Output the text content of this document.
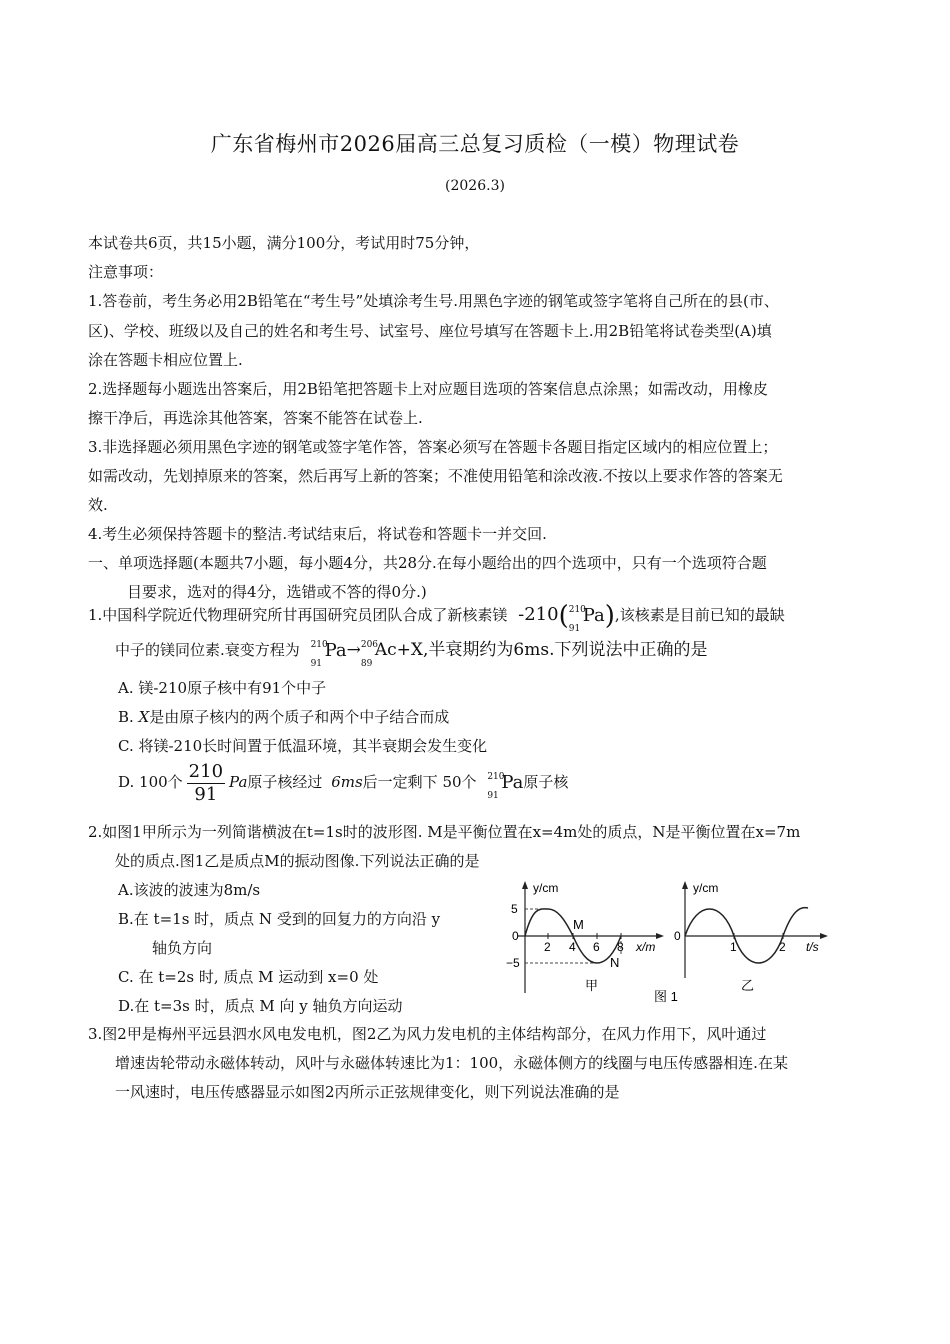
广东省梅州市2026届高三总复习质检（一模）物理试卷
(2026.3)
本试卷共6页，共15小题，满分100分，考试用时75分钟，
注意事项：
1.答卷前，考生务必用2B铅笔在“考生号”处填涂考生号.用黑色字迹的钢笔或签字笔将自己所在的县(市、
区)、学校、班级以及自己的姓名和考生号、试室号、座位号填写在答题卡上.用2B铅笔将试卷类型(A)填
涂在答题卡相应位置上.
2.选择题每小题选出答案后，用2B铅笔把答题卡上对应题目选项的答案信息点涂黑；如需改动，用橡皮
擦干净后，再选涂其他答案，答案不能答在试卷上.
3.非选择题必须用黑色字迹的钢笔或签字笔作答，答案必须写在答题卡各题目指定区域内的相应位置上；
如需改动，先划掉原来的答案，然后再写上新的答案；不准使用铅笔和涂改液.不按以上要求作答的答案无
效.
4.考生必须保持答题卡的整洁.考试结束后，将试卷和答题卡一并交回.
一、单项选择题(本题共7小题，每小题4分，共28分.在每小题给出的四个选项中，只有一个选项符合题
目要求，选对的得4分，选错或不答的得0分.)
1.中国科学院近代物理研究所甘再国研究员团队合成了新核素镁 -210( 210
91
Pa),该核素是目前已知的最缺
中子的镁同位素.衰变方程为 210
91
Pa→ 206
89
Ac+X,半衰期约为6ms.下列说法中正确的是
A. 镁-210原子核中有91个中子
B. X是由原子核内的两个质子和两个中子结合而成
C. 将镁-210长时间置于低温环境，其半衰期会发生变化
D. 100个 $\frac{210}{91}$ Pa原子核经过 6ms后一定剩下 50个 210
91
Pa原子核
2.如图1甲所示为一列简谐横波在t=1s时的波形图. M是平衡位置在x=4m处的质点，N是平衡位置在x=7m
处的质点.图1乙是质点M的振动图像.下列说法正确的是
A.该波的波速为8m/s
B.在 t=1s 时，质点 N 受到的回复力的方向沿 y
轴负方向
C. 在 t=2s 时, 质点 M 运动到 x=0 处
D.在 t=3s 时，质点 M 向 y 轴负方向运动
y/cm
x/m
5
0
−5
2 4 6 8
M
N
甲
图 1
y/cm
t/s
0
1	2
乙
3.图2甲是梅州平远县泗水风电发电机，图2乙为风力发电机的主体结构部分，在风力作用下，风叶通过
增速齿轮带动永磁体转动，风叶与永磁体转速比为1：100，永磁体侧方的线圈与电压传感器相连.在某
一风速时，电压传感器显示如图2丙所示正弦规律变化，则下列说法准确的是
